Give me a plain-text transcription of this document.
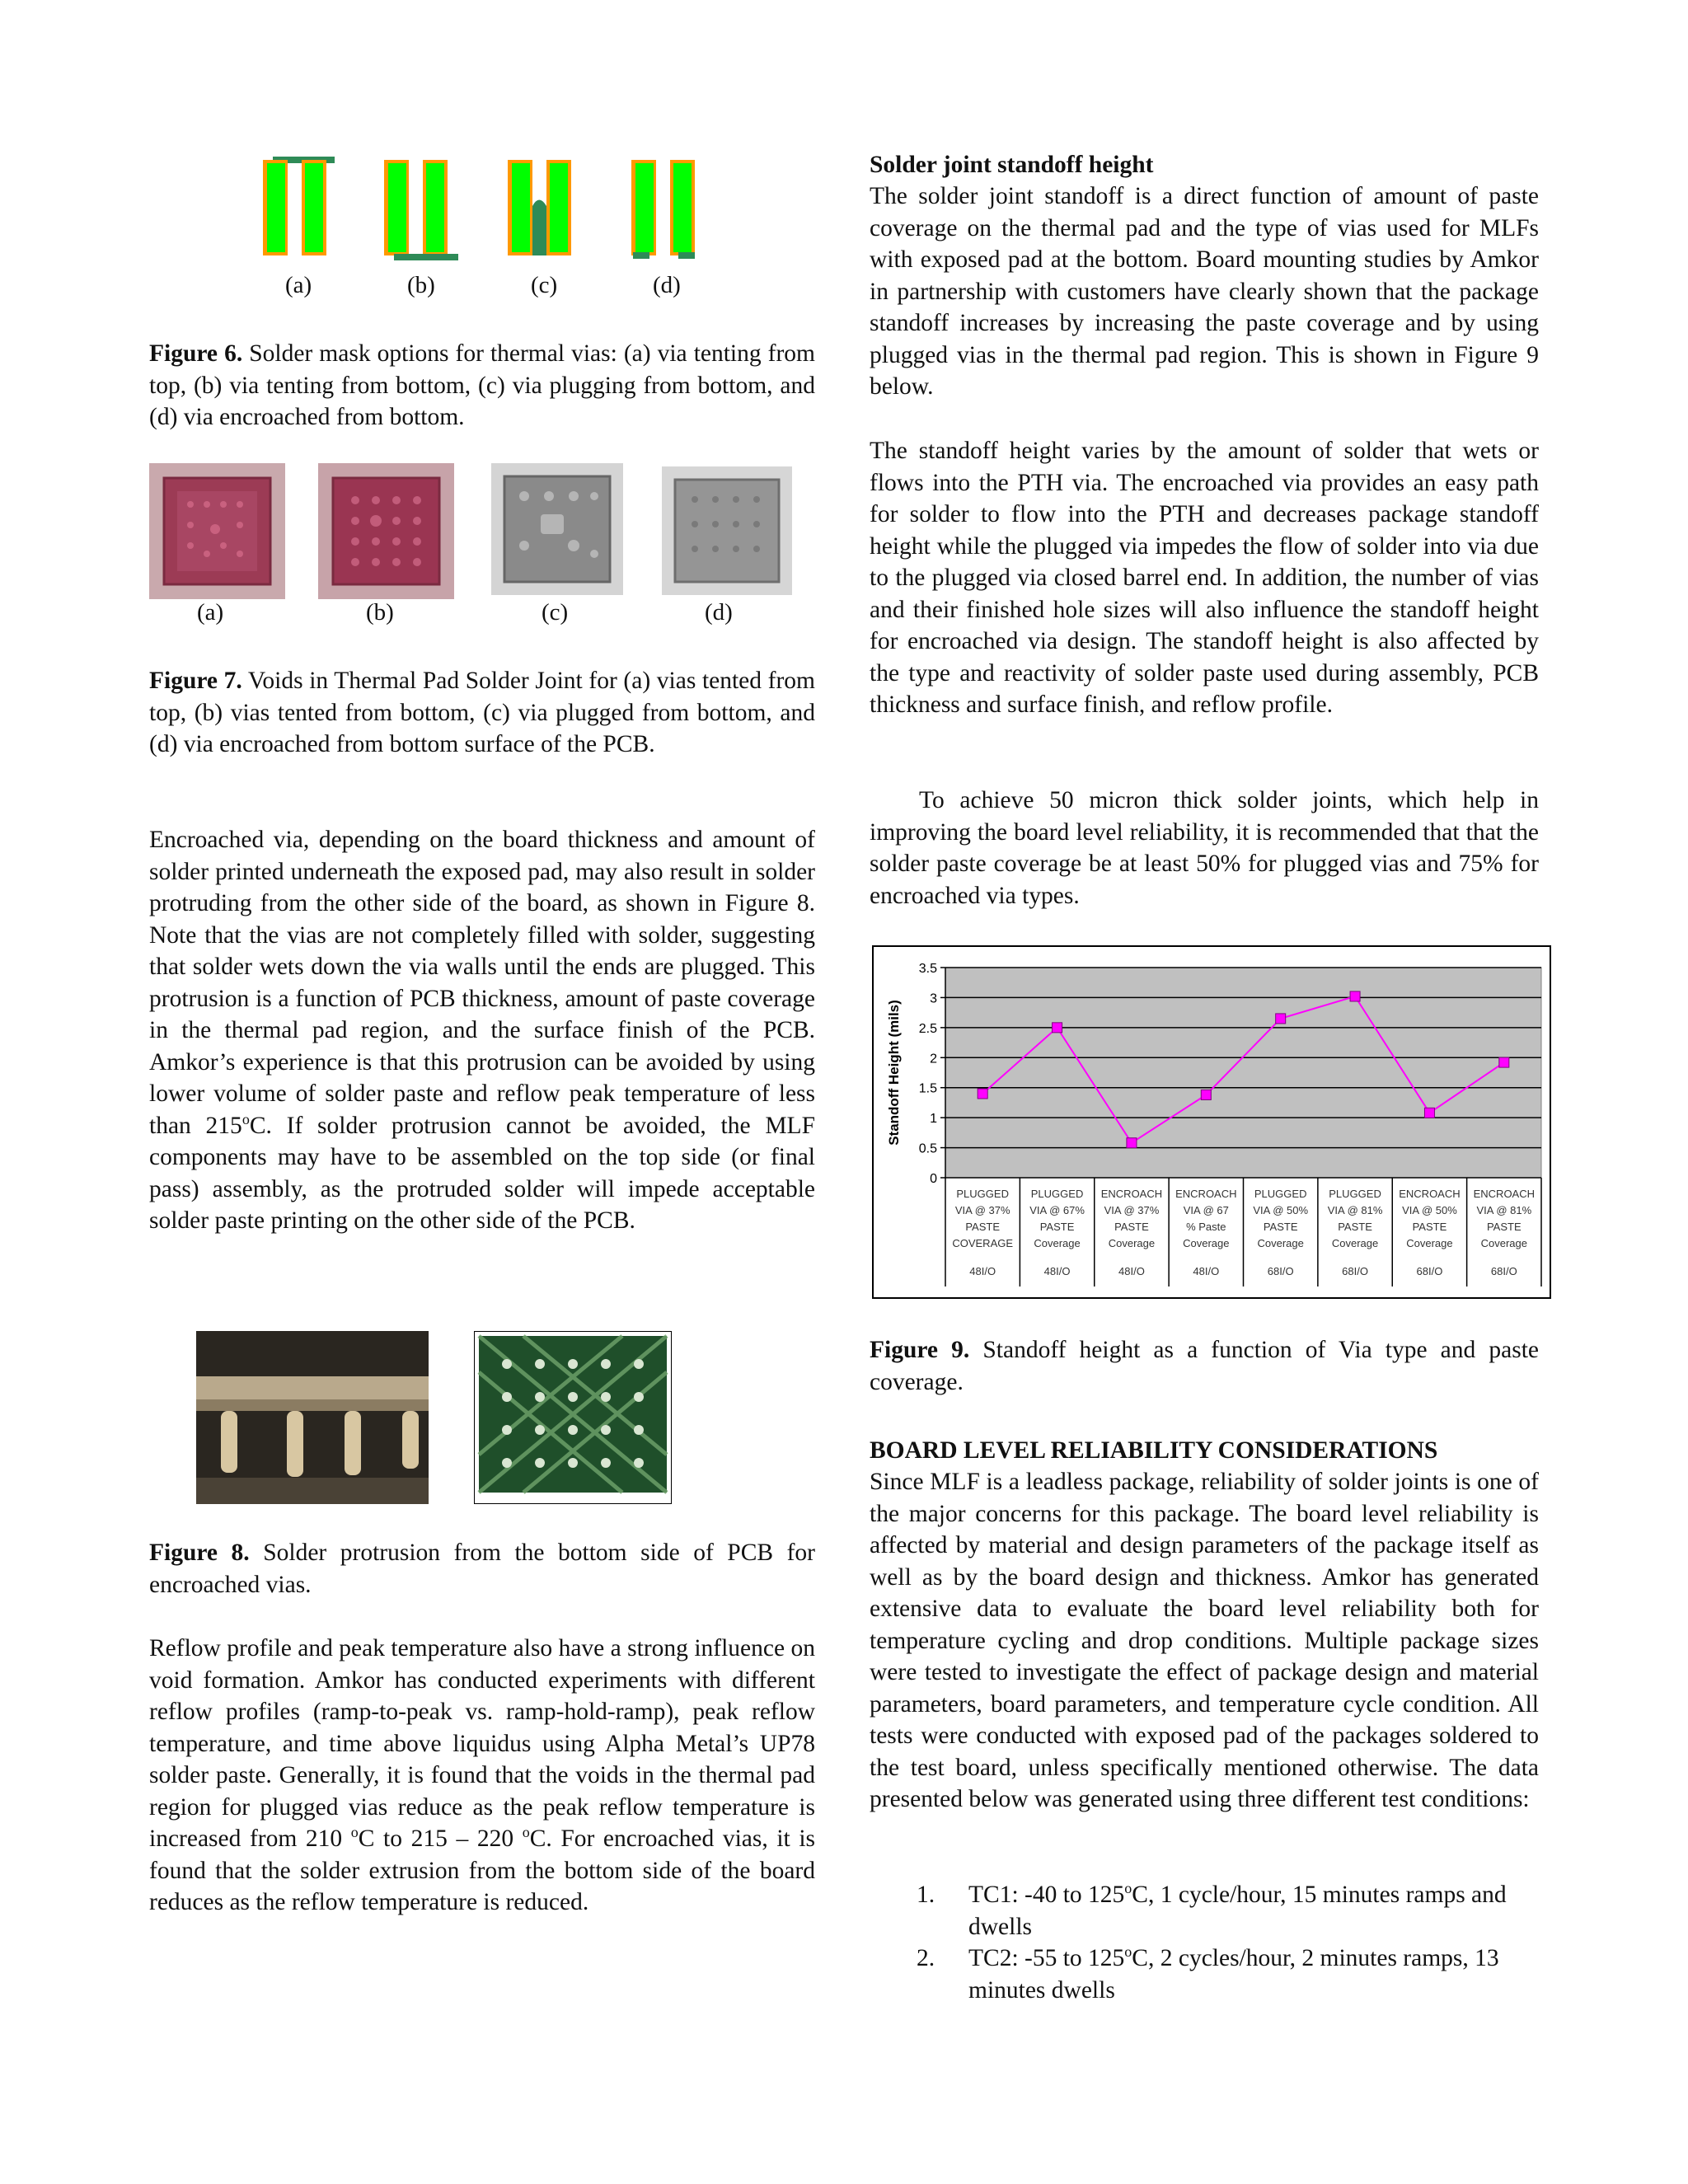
(a)	(b)	(c)	(d)

Figure 6. Solder mask options for thermal vias: (a) via tenting from top, (b) via tenting from bottom, (c) via plugging from bottom, and (d) via encroached from bottom.

(a)	(b)	(c)	(d)

Figure 7. Voids in Thermal Pad Solder Joint for (a) vias tented from top, (b) vias tented from bottom, (c) via plugged from bottom, and (d) via encroached from bottom surface of the PCB.

Encroached via, depending on the board thickness and amount of solder printed underneath the exposed pad, may also result in solder protruding from the other side of the board, as shown in Figure 8. Note that the vias are not completely filled with solder, suggesting that solder wets down the via walls until the ends are plugged. This protrusion is a function of PCB thickness, amount of paste coverage in the thermal pad region, and the surface finish of the PCB. Amkor’s experience is that this protrusion can be avoided by using lower volume of solder paste and reflow peak temperature of less than 215$^o$C. If solder protrusion cannot be avoided, the MLF components may have to be assembled on the top side (or final pass) assembly, as the protruded solder will impede acceptable solder paste printing on the other side of the PCB.

Figure 8. Solder protrusion from the bottom side of PCB for encroached vias.

Reflow profile and peak temperature also have a strong influence on void formation. Amkor has conducted experiments with different reflow profiles (ramp-to-peak vs. ramp-hold-ramp), peak reflow temperature, and time above liquidus using Alpha Metal’s UP78 solder paste. Generally, it is found that the voids in the thermal pad region for plugged vias reduce as the peak reflow temperature is increased from 210 $^o$C to 215 – 220 $^o$C. For encroached vias, it is found that the solder extrusion from the bottom side of the board reduces as the reflow temperature is reduced.

Solder joint standoff height

The solder joint standoff is a direct function of amount of paste coverage on the thermal pad and the type of vias used for MLFs with exposed pad at the bottom. Board mounting studies by Amkor in partnership with customers have clearly shown that the package standoff increases by increasing the paste coverage and by using plugged vias in the thermal pad region. This is shown in Figure 9 below.

The standoff height varies by the amount of solder that wets or flows into the PTH via. The encroached via provides an easy path for solder to flow into the PTH and decreases package standoff height while the plugged via impedes the flow of solder into via due to the plugged via closed barrel end. In addition, the number of vias and their finished hole sizes will also influence the standoff height for encroached via design. The standoff height is also affected by the type and reactivity of solder paste used during assembly, PCB thickness and surface finish, and reflow profile.

To achieve 50 micron thick solder joints, which help in improving the board level reliability, it is recommended that that the solder paste coverage be at least 50% for plugged vias and 75% for encroached via types.

Figure 9. Standoff height as a function of Via type and paste coverage.

BOARD LEVEL RELIABILITY CONSIDERATIONS

Since MLF is a leadless package, reliability of solder joints is one of the major concerns for this package. The board level reliability is affected by material and design parameters of the package itself as well as by the board design and thickness. Amkor has generated extensive data to evaluate the board level reliability both for temperature cycling and drop conditions. Multiple package sizes were tested to investigate the effect of package design and material parameters, board parameters, and temperature cycle condition. All tests were conducted with exposed pad of the packages soldered to the test board, unless specifically mentioned otherwise. The data presented below was generated using three different test conditions:

1. TC1: -40 to 125$^o$C, 1 cycle/hour, 15 minutes ramps and dwells
2. TC2: -55 to 125$^o$C, 2 cycles/hour, 2 minutes ramps, 13 minutes dwells
0
0.5
1
1.5
2
2.5
3
3.5
Standoff Height (mils)
PLUGGED
VIA @ 37%
PASTE
COVERAGE
48I/O
PLUGGED
VIA @ 67%
PASTE
Coverage
48I/O
ENCROACH
VIA @ 37%
PASTE
Coverage
48I/O
ENCROACH
VIA @ 67
% Paste
Coverage
48I/O
PLUGGED
VIA @ 50%
PASTE
Coverage
68I/O
PLUGGED
VIA @ 81%
PASTE
Coverage
68I/O
ENCROACH
VIA @ 50%
PASTE
Coverage
68I/O
ENCROACH
VIA @ 81%
PASTE
Coverage
68I/O
